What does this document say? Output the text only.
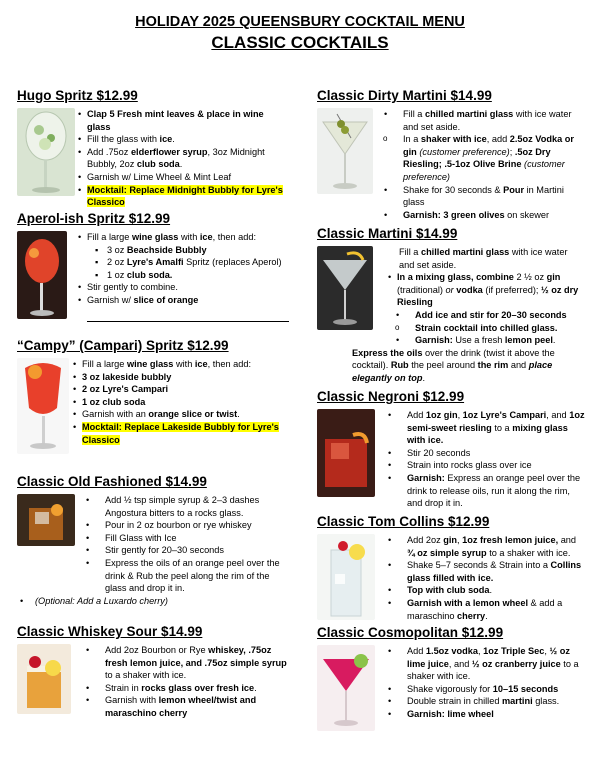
HOLIDAY 2025 QUEENSBURY COCKTAIL MENU
CLASSIC COCKTAILS
Hugo Spritz $12.99
• Clap 5 Fresh mint leaves & place in wine glass
• Fill the glass with ice.
• Add .75oz elderflower syrup, 3oz Midnight Bubbly, 2oz club soda.
• Garnish w/ Lime Wheel & Mint Leaf
• Mocktail: Replace Midnight Bubbly for Lyre's Classico
Aperol-ish Spritz $12.99
• Fill a large wine glass with ice, then add:
▪ 3 oz Beachside Bubbly
▪ 2 oz Lyre's Amalfi Spritz (replaces Aperol)
▪ 1 oz club soda.
• Stir gently to combine.
• Garnish w/ slice of orange
“Campy” (Campari) Spritz $12.99
• Fill a large wine glass with ice, then add:
• 3 oz lakeside bubbly
• 2 oz Lyre's Campari
• 1 oz club soda
• Garnish with an orange slice or twist.
• Mocktail: Replace Lakeside Bubbly for Lyre's Classico
Classic Old Fashioned $14.99
• Add ½ tsp simple syrup & 2–3 dashes Angostura bitters to a rocks glass.
• Pour in 2 oz bourbon or rye whiskey
• Fill Glass with Ice
• Stir gently for 20–30 seconds
• Express the oils of an orange peel over the drink & Rub the peel along the rim of the glass and drop it in.
• (Optional: Add a Luxardo cherry)
Classic Whiskey Sour $14.99
• Add 2oz Bourbon or Rye whiskey, .75oz fresh lemon juice, and .75oz simple syrup to a shaker with ice.
• Strain in rocks glass over fresh ice.
• Garnish with lemon wheel/twist and maraschino cherry
Classic Dirty Martini $14.99
• Fill a chilled martini glass with ice water and set aside.
o In a shaker with ice, add 2.5oz Vodka or gin (customer preference); .5oz Dry Riesling; .5-1oz Olive Brine (customer preference)
• Shake for 30 seconds & Pour in Martini glass
• Garnish: 3 green olives on skewer
Classic Martini $14.99
Fill a chilled martini glass with ice water and set aside.
• In a mixing glass, combine 2 ½ oz gin (traditional) or vodka (if preferred); ½ oz dry Riesling
• Add ice and stir for 20–30 seconds
o Strain cocktail into chilled glass.
• Garnish: Use a fresh lemon peel.
Express the oils over the drink (twist it above the cocktail). Rub the peel around the rim and place elegantly on top.
Classic Negroni $12.99
• Add 1oz gin, 1oz Lyre's Campari, and 1oz semi-sweet riesling to a mixing glass with ice.
• Stir 20 seconds
• Strain into rocks glass over ice
• Garnish: Express an orange peel over the drink to release oils, run it along the rim, and drop it in.
Classic Tom Collins $12.99
• Add 2oz gin, 1oz fresh lemon juice, and ¾ oz simple syrup to a shaker with ice.
• Shake 5–7 seconds & Strain into a Collins glass filled with ice.
• Top with club soda.
• Garnish with a lemon wheel & add a maraschino cherry.
Classic Cosmopolitan $12.99
• Add 1.5oz vodka, 1oz Triple Sec, ½ oz lime juice, and ½ oz cranberry juice to a shaker with ice.
• Shake vigorously for 10–15 seconds
• Double strain in chilled martini glass.
• Garnish: lime wheel
